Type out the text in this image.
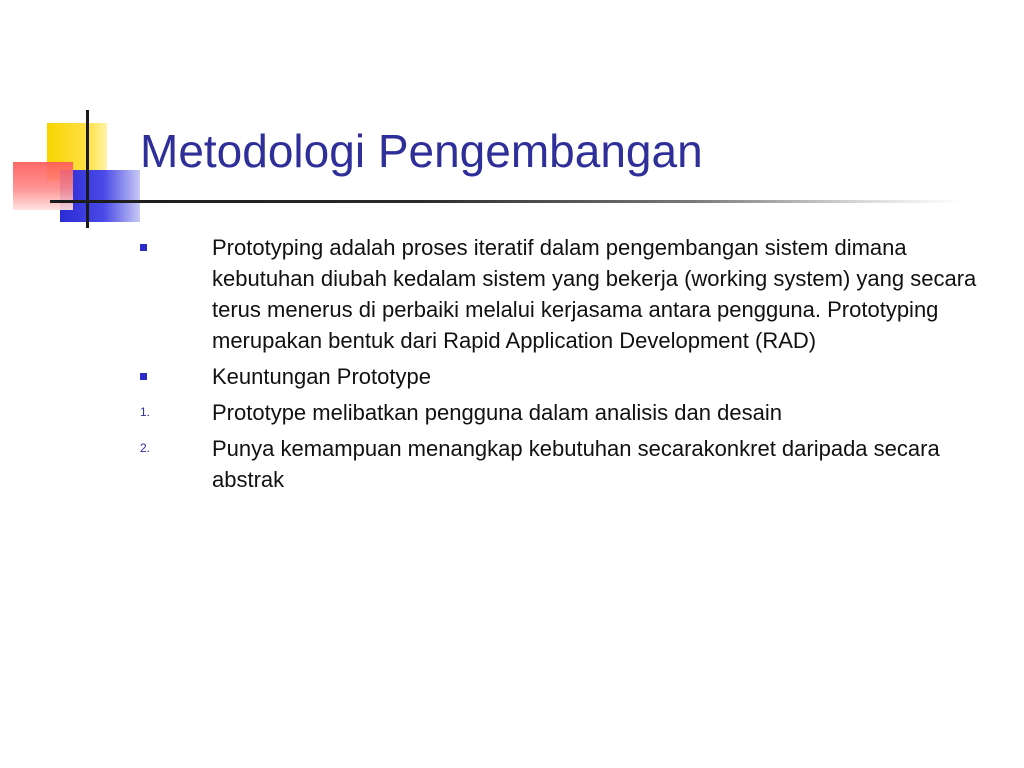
Metodologi Pengembangan
Prototyping adalah proses iteratif dalam pengembangan sistem dimana kebutuhan diubah kedalam sistem yang bekerja (working system) yang secara terus menerus di perbaiki melalui kerjasama antara pengguna. Prototyping merupakan bentuk dari Rapid Application Development (RAD)
Keuntungan Prototype
1.	Prototype melibatkan pengguna dalam analisis dan desain
2.	Punya kemampuan menangkap kebutuhan secarakonkret daripada secara abstrak
